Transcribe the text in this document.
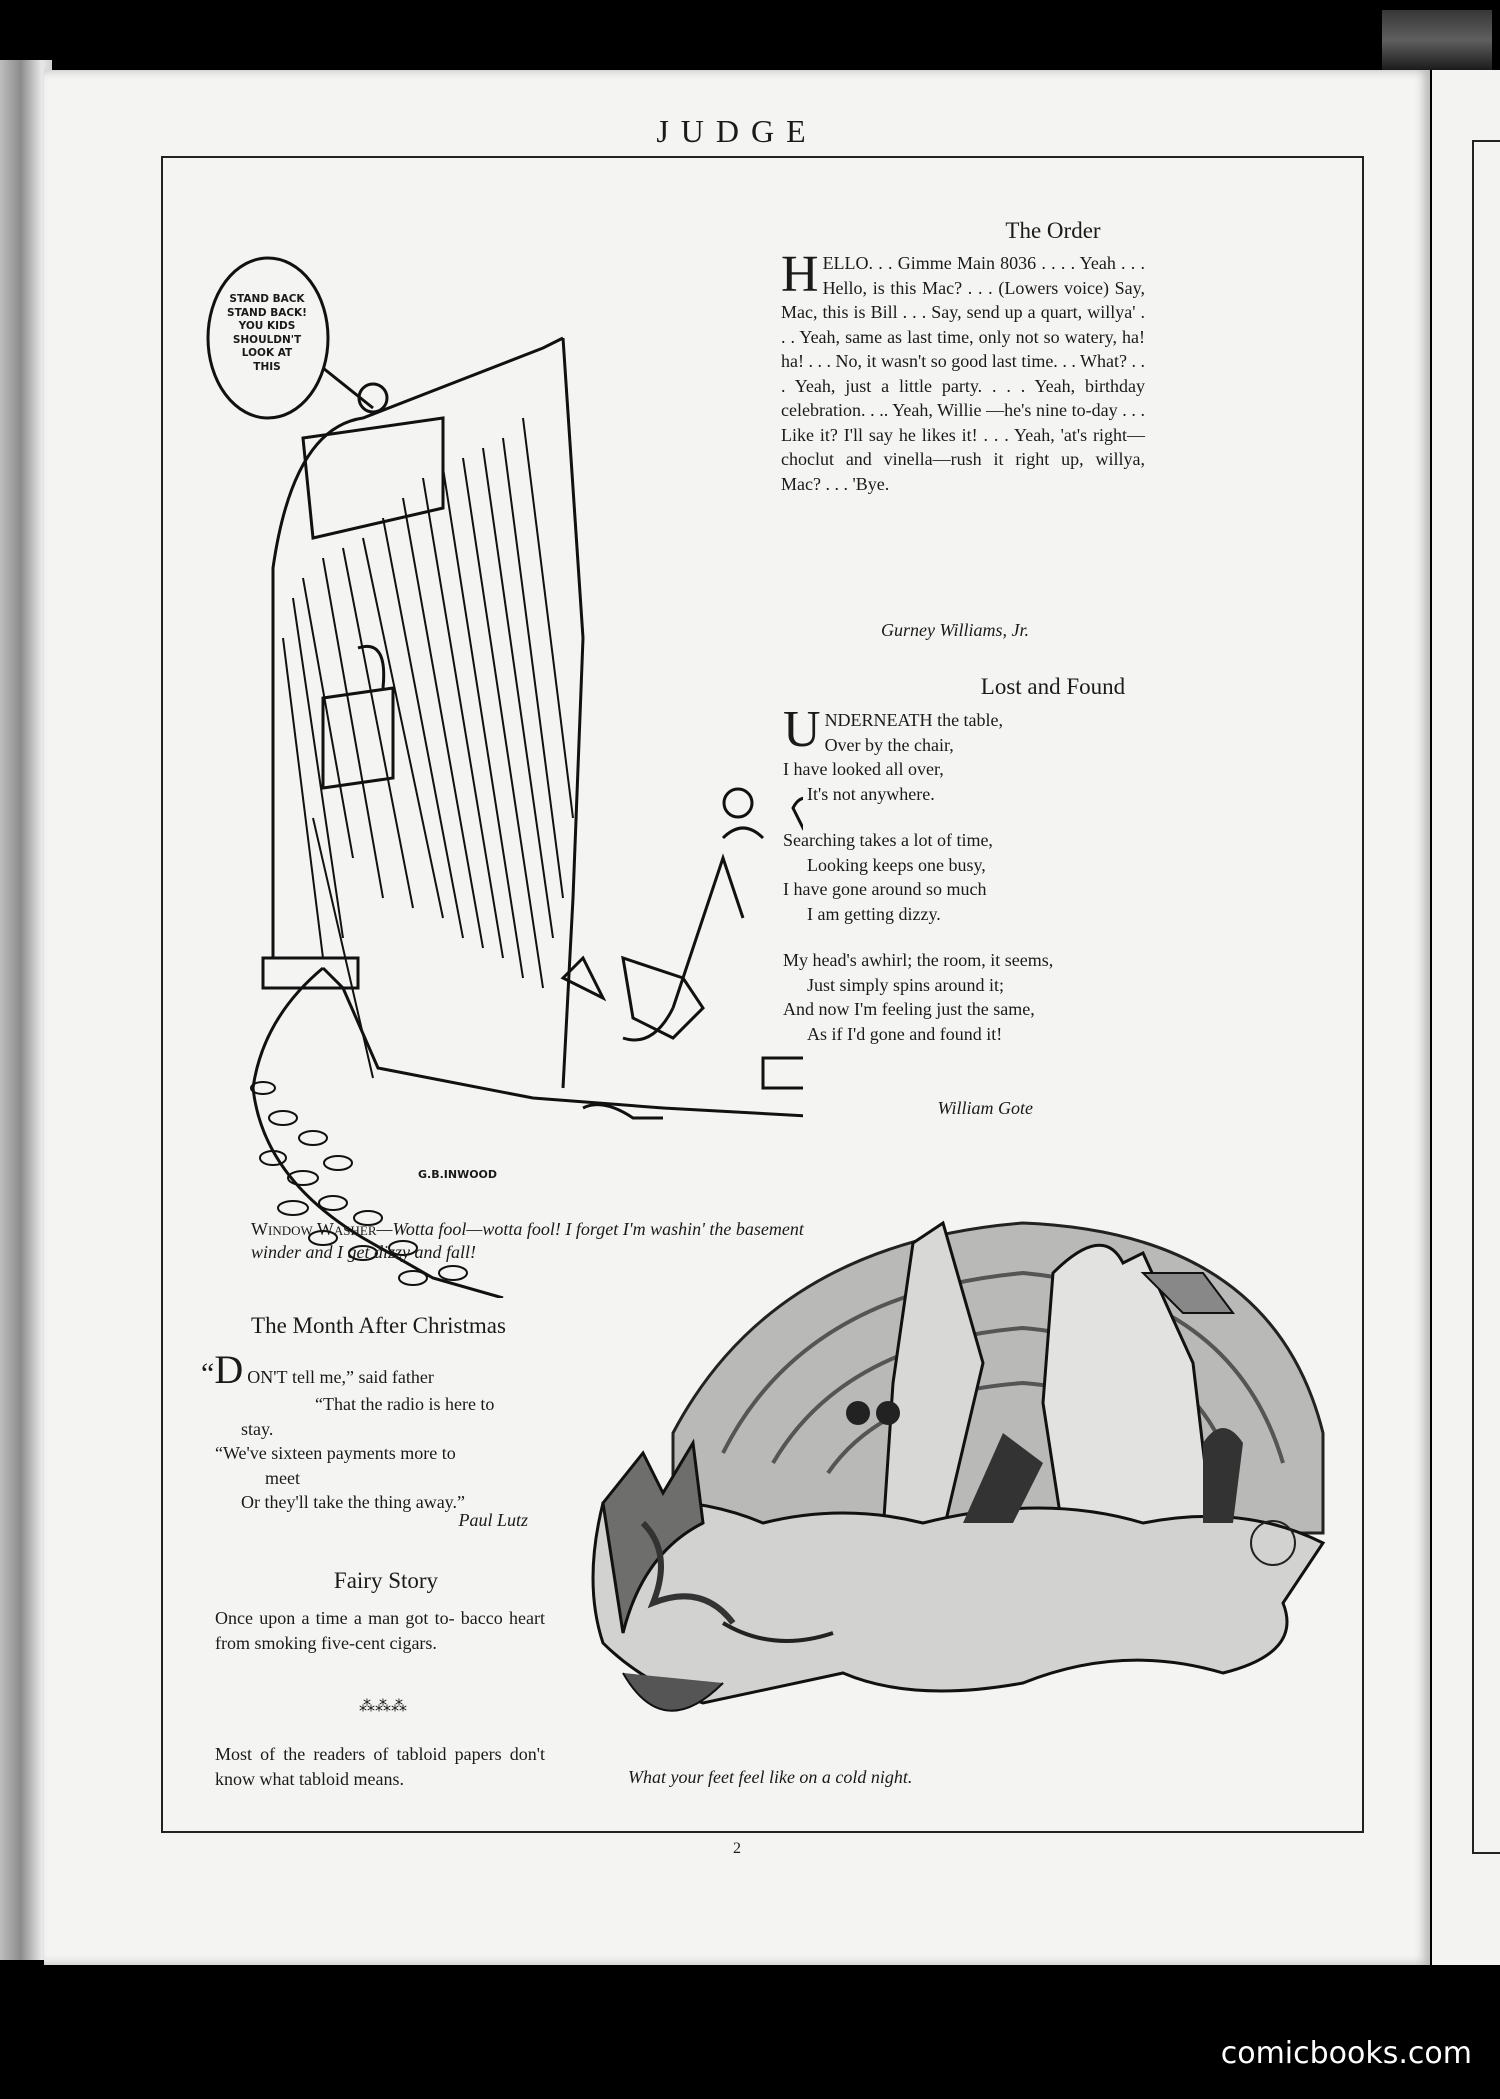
JUDGE
The Order
HELLO. . . Gimme Main 8036 . . . . Yeah . . . Hello, is this Mac? . . . (Lowers voice) Say, Mac, this is Bill . . . Say, send up a quart, willya' . . . Yeah, same as last time, only not so watery, ha! ha! . . . No, it wasn't so good last time. . . What? . . . Yeah, just a little party. . . . Yeah, birthday celebration. . .. Yeah, Willie —he's nine to-day . . . Like it? I'll say he likes it! . . . Yeah, 'at's right— choclut and vinella—rush it right up, willya, Mac? . . . 'Bye.
Gurney Williams, Jr.
Lost and Found
UNDERNEATH the table,
Over by the chair,
I have looked all over,
It's not anywhere.
Searching takes a lot of time,
Looking keeps one busy,
I have gone around so much
I am getting dizzy.
My head's awhirl; the room, it seems,
Just simply spins around it;
And now I'm feeling just the same,
As if I'd gone and found it!
William Gote
STAND BACK
STAND BACK!
YOU KIDS
SHOULDN'T
LOOK AT
THIS
G.B.INWOOD
Window Washer—Wotta fool—wotta fool! I forget I'm washin' the basement winder and I get dizzy and fall!
The Month After Christmas
“D ON'T tell me,” said father
“That the radio is here to
stay.
“We've sixteen payments more to
meet
Or they'll take the thing away.”
Paul Lutz
Fairy Story
Once upon a time a man got to- bacco heart from smoking five-cent cigars.
⁂⁂⁂
Most of the readers of tabloid papers don't know what tabloid means.	What your feet feel like on a cold night.
2
comicbooks.com
